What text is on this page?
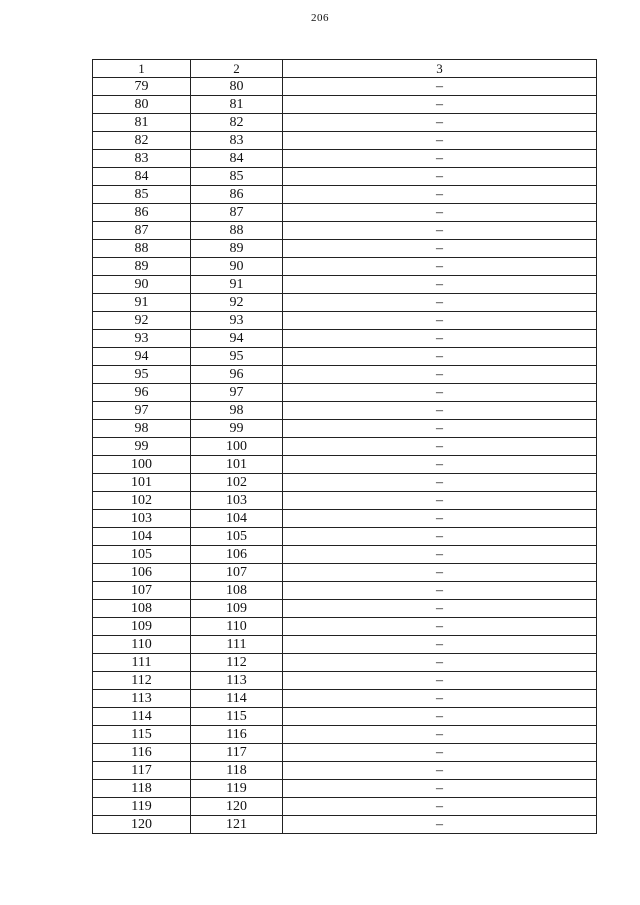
206
1	2	3
79	80	–
80	81	–
81	82	–
82	83	–
83	84	–
84	85	–
85	86	–
86	87	–
87	88	–
88	89	–
89	90	–
90	91	–
91	92	–
92	93	–
93	94	–
94	95	–
95	96	–
96	97	–
97	98	–
98	99	–
99	100	–
100	101	–
101	102	–
102	103	–
103	104	–
104	105	–
105	106	–
106	107	–
107	108	–
108	109	–
109	110	–
110	111	–
111	112	–
112	113	–
113	114	–
114	115	–
115	116	–
116	117	–
117	118	–
118	119	–
119	120	–
120	121	–
